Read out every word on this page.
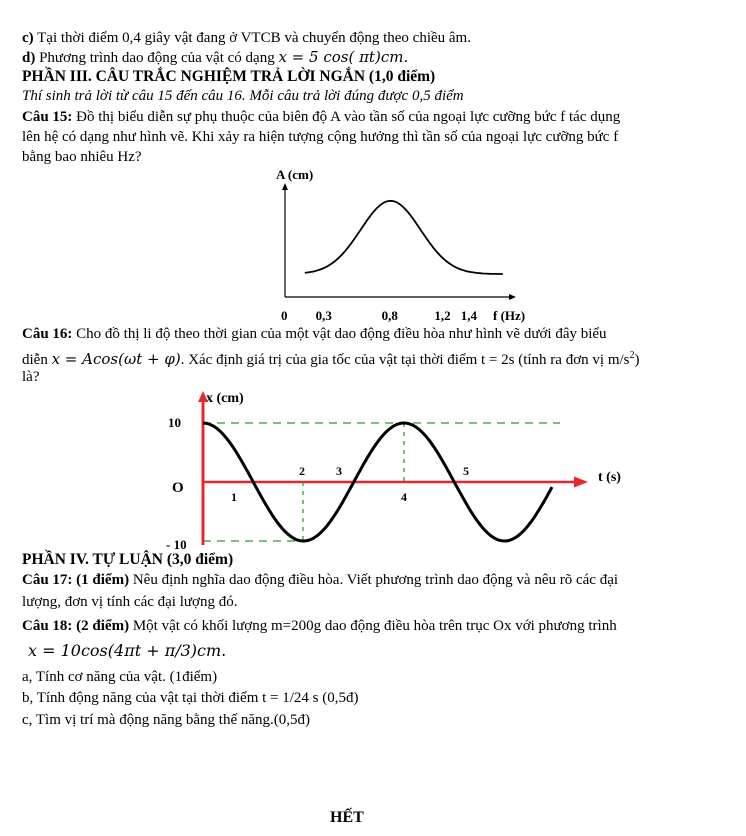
c) Tại thời điểm 0,4 giây vật đang ở VTCB và chuyển động theo chiều âm.
d) Phương trình dao động của vật có dạng x = 5 cos( πt)cm.
PHẦN III. CÂU TRẮC NGHIỆM TRẢ LỜI NGẮN (1,0 điểm)
Thí sinh trả lời từ câu 15 đến câu 16. Mỗi câu trả lời đúng được 0,5 điểm
Câu 15: Đồ thị biểu diễn sự phụ thuộc của biên độ A vào tần số của ngoại lực cưỡng bức f tác dụng
lên hệ có dạng như hình vẽ. Khi xảy ra hiện tượng cộng hưởng thì tần số của ngoại lực cưỡng bức f
bằng bao nhiêu Hz?
A (cm)
0 0,3	0,8	1,2 1,4 f (Hz)
Câu 16: Cho đồ thị li độ theo thời gian của một vật dao động điều hòa như hình vẽ dưới đây biểu
diễn x = Acos(ωt + φ). Xác định giá trị của gia tốc của vật tại thời điểm t = 2s (tính ra đơn vị $m/s^2$)
là?
x (cm)
10
- 10
O
1
2	3
4
5	t (s)
PHẦN IV. TỰ LUẬN (3,0 điểm)
Câu 17: (1 điểm) Nêu định nghĩa dao động điều hòa. Viết phương trình dao động và nêu rõ các đại
lượng, đơn vị tính các đại lượng đó.
Câu 18: (2 điểm) Một vật có khối lượng m=200g dao động điều hòa trên trục Ox với phương trình
x = 10cos(4πt + π/3)cm.
a, Tính cơ năng của vật. (1điểm)
b, Tính động năng của vật tại thời điểm t = 1/24 s (0,5đ)
c, Tìm vị trí mà động năng bằng thế năng.(0,5đ)
HẾT
